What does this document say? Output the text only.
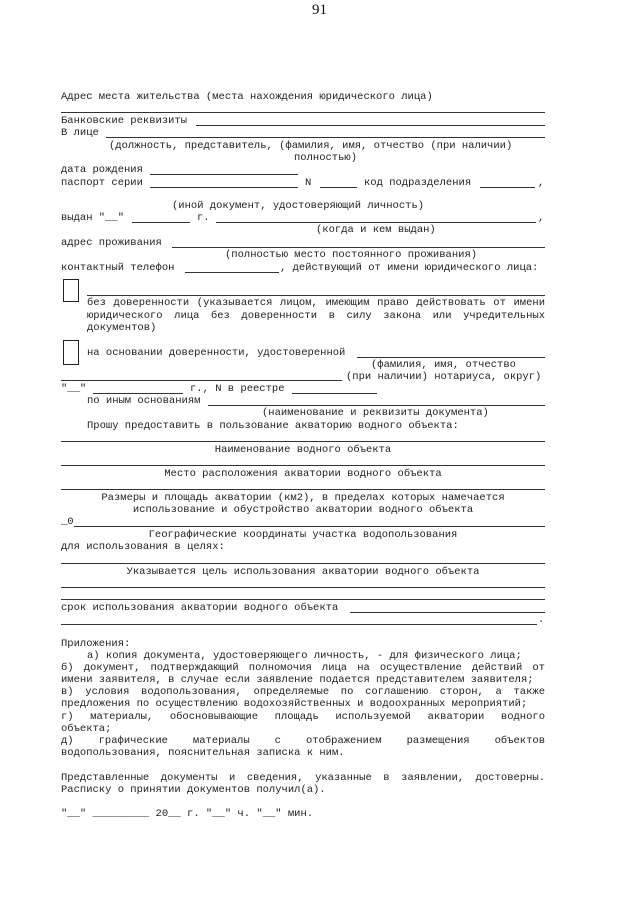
91
Адрес места жительства (места нахождения юридического лица)
Банковские реквизиты
В лице
(должность, представитель, (фамилия, имя, отчество (при наличии)
полностью)
дата рождения
паспорт серии	N	код подразделения	,
(иной документ, удостоверяющий личность)
выдан "__"	г.	,
(когда и кем выдан)
адрес проживания
(полностью место постоянного проживания)
контактный телефон	, действующий от имени юридического лица:
без доверенности (указывается лицом, имеющим право действовать от имени
юридического лица без доверенности в силу закона или учредительных
документов)
на основании доверенности, удостоверенной
(фамилия, имя, отчество
(при наличии) нотариуса, округ)
"__"	г., N в реестре
по иным основаниям
(наименование и реквизиты документа)
Прошу предоставить в пользование акваторию водного объекта:
Наименование водного объекта
Место расположения акватории водного объекта
Размеры и площадь акватории (км2), в пределах которых намечается
использование и обустройство акватории водного объекта
_0
Географические координаты участка водопользования
для использования в целях:
Указывается цель использования акватории водного объекта
срок использования акватории водного объекта
.
Приложения:
а) копия документа, удостоверяющего личность, - для физического лица;
б) документ, подтверждающий полномочия лица на осуществление действий от
имени заявителя, в случае если заявление подается представителем заявителя;
в) условия водопользования, определяемые по соглашению сторон, а также
предложения по осуществлению водохозяйственных и водоохранных мероприятий;
г) материалы, обосновывающие площадь используемой акватории водного
объекта;
д) графические материалы с отображением размещения объектов
водопользования, пояснительная записка к ним.
Представленные документы и сведения, указанные в заявлении, достоверны.
Расписку о принятии документов получил(а).
"__" _________ 20__ г. "__" ч. "__" мин.
